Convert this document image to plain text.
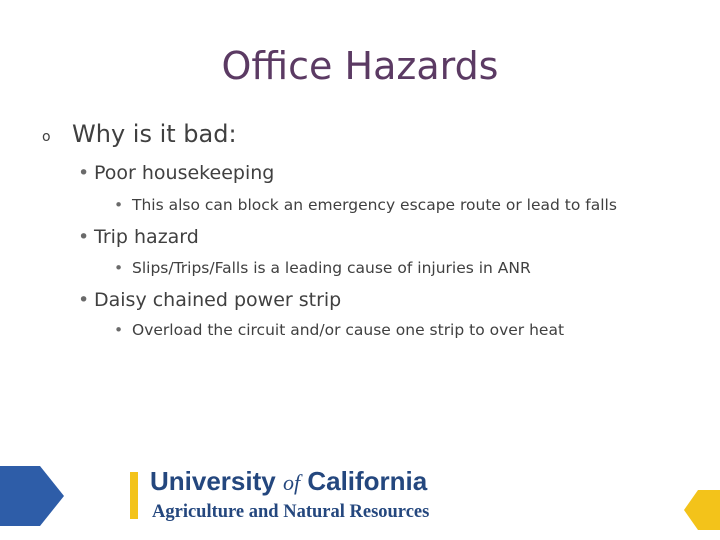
Office Hazards
o Why is it bad:
• Poor housekeeping
• This also can block an emergency escape route or lead to falls
• Trip hazard
• Slips/Trips/Falls is a leading cause of injuries in ANR
• Daisy chained power strip
• Overload the circuit and/or cause one strip to over heat
University of California
Agriculture and Natural Resources
